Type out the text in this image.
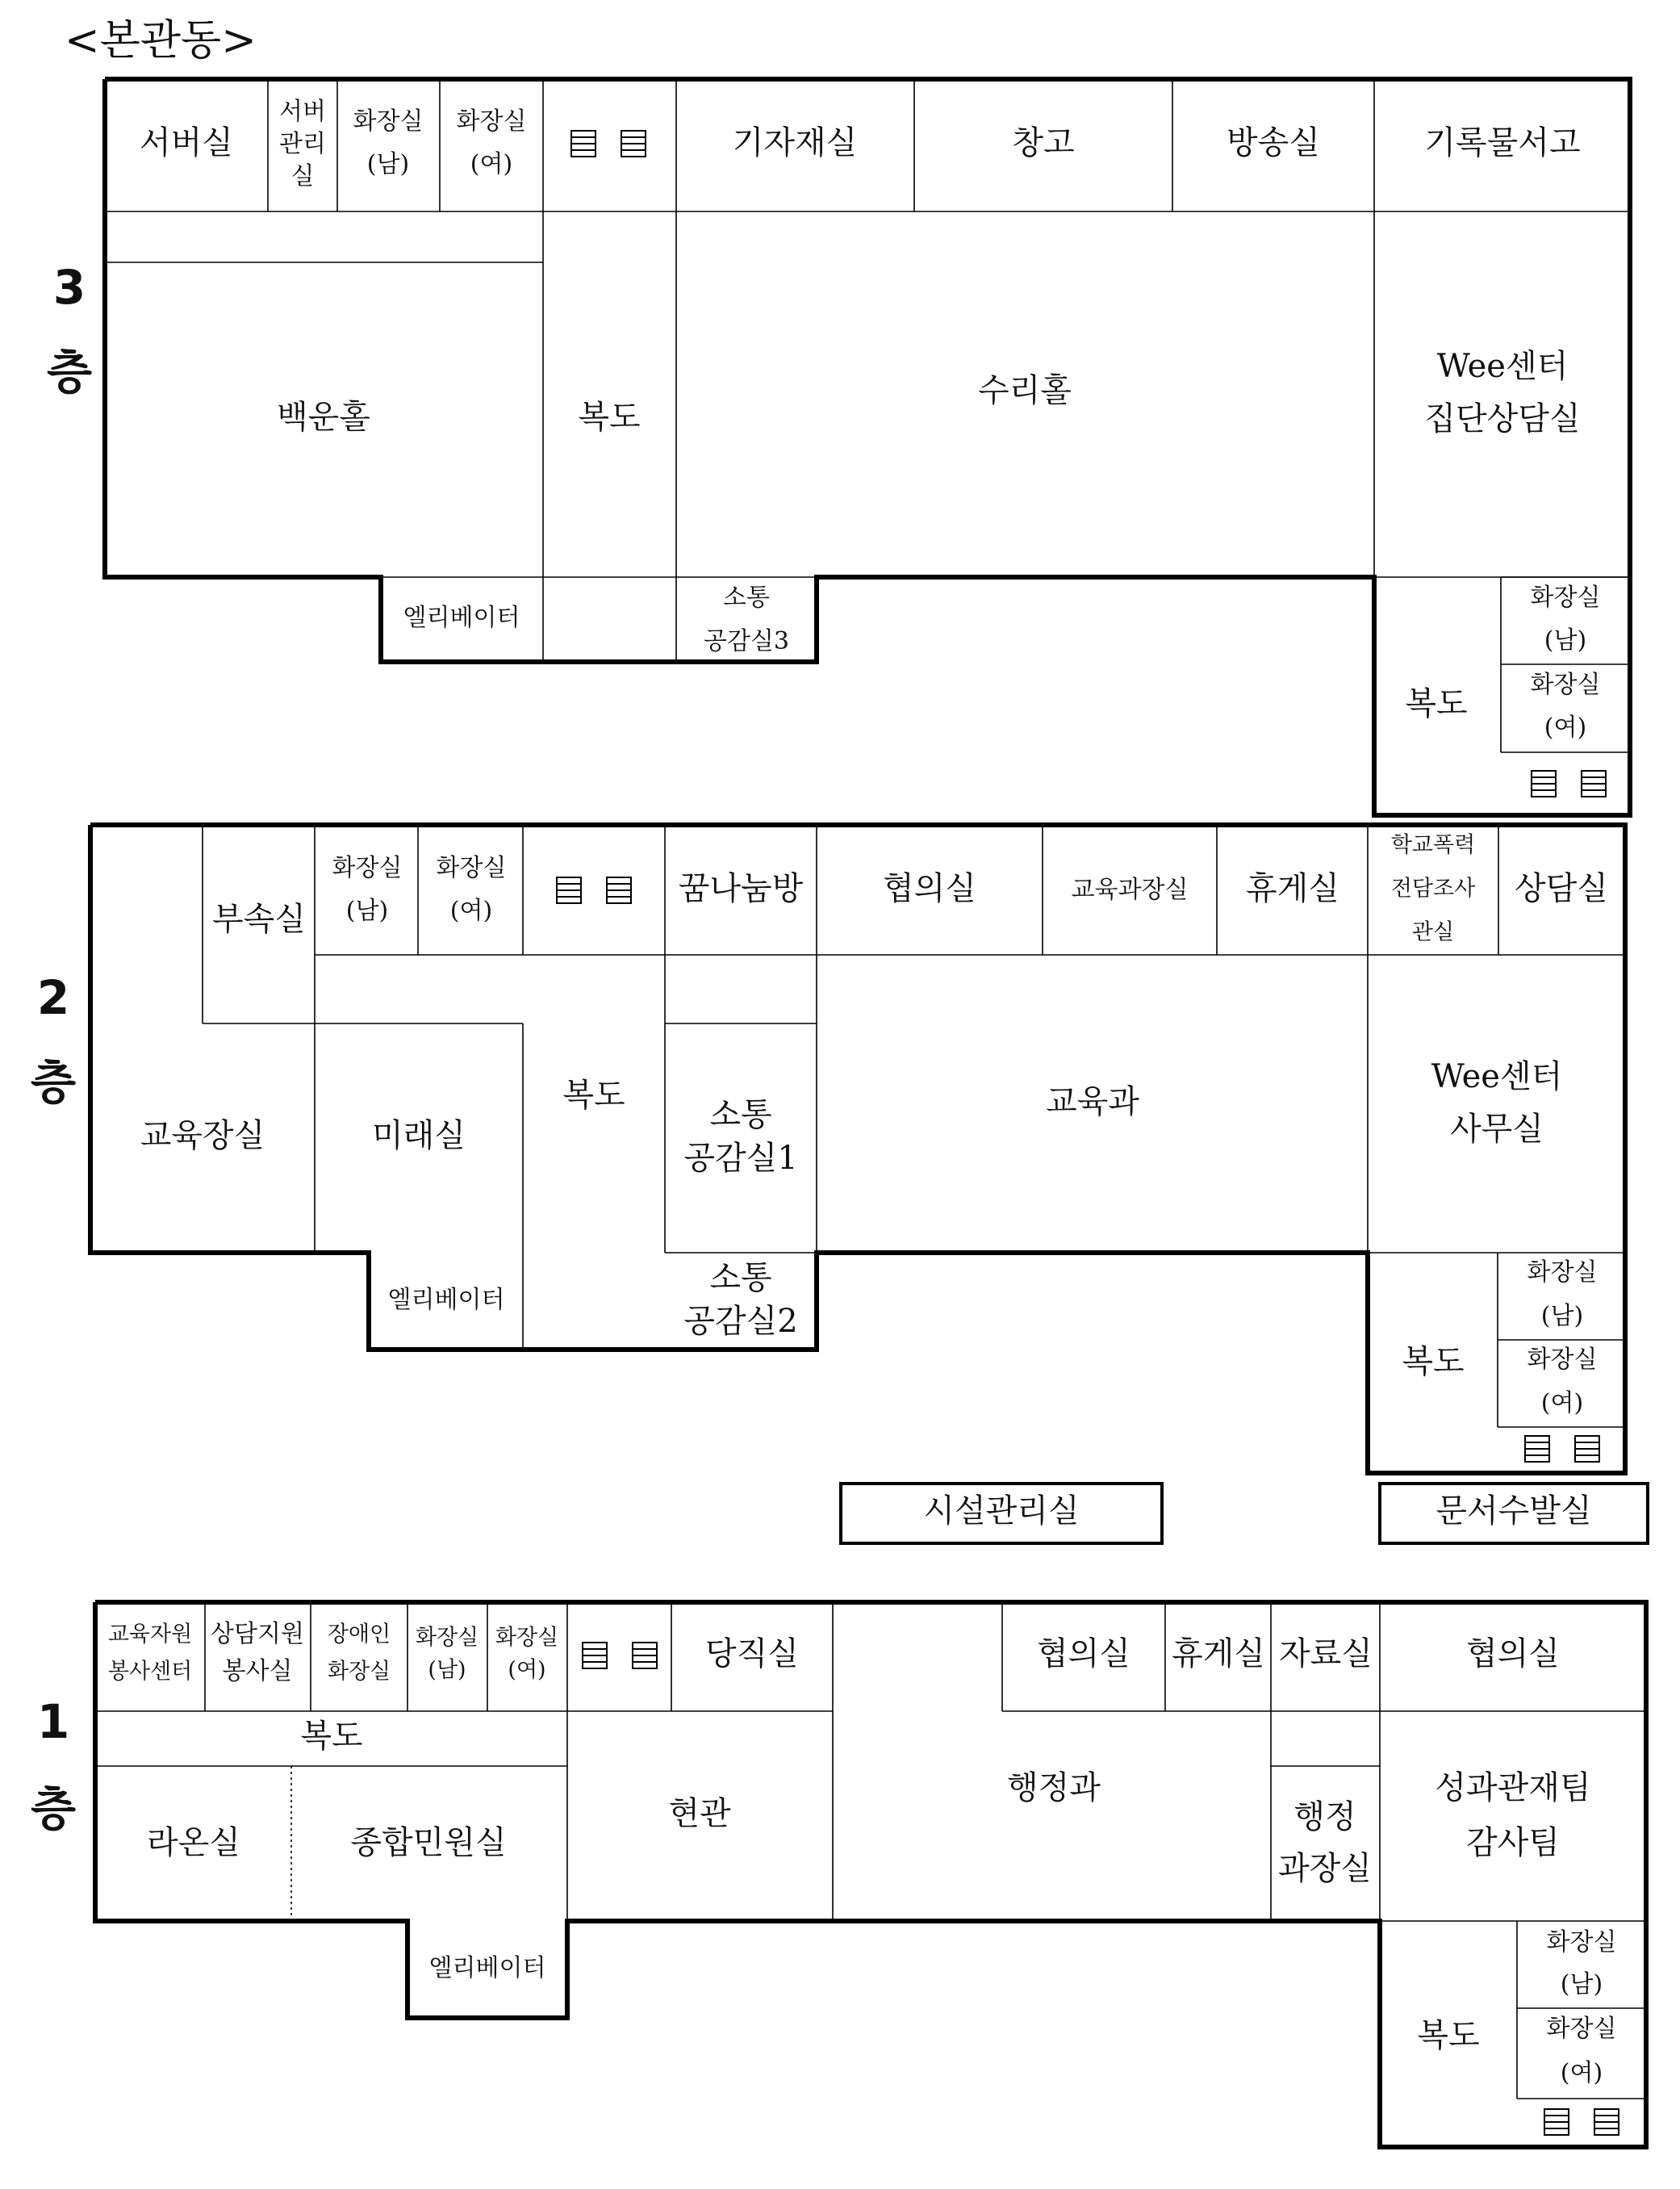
<본관동>
3
층
서버실
서버
관리
실
화장실
(남)
화장실
(여)
기자재실	창고	방송실	기록물서고
백운홀	복도
수리홀
Wee센터
집단상담실
엘리베이터
소통
공감실3
복도
화장실
(남)
화장실
(여)
2
층
부속실
화장실
(남)
화장실
(여)
꿈나눔방 협의실	교육과장실 휴게실
학교폭력
전담조사
관실
상담실
교육장실	미래실
복도
소통
공감실1
교육과
Wee센터
사무실
엘리베이터
소통
공감실2
복도
화장실
(남)
화장실
(여)
시설관리실	문서수발실
1
층
교육자원
봉사센터
상담지원
봉사실
장애인
화장실
화장실
(남)
화장실
(여)	당직실	협의실 휴게실 자료실	협의실
복도
라온실	종합민원실
현관
행정과
행정
과장실
성과관재팀
감사팀
엘리베이터
복도
화장실
(남)
화장실
(여)
